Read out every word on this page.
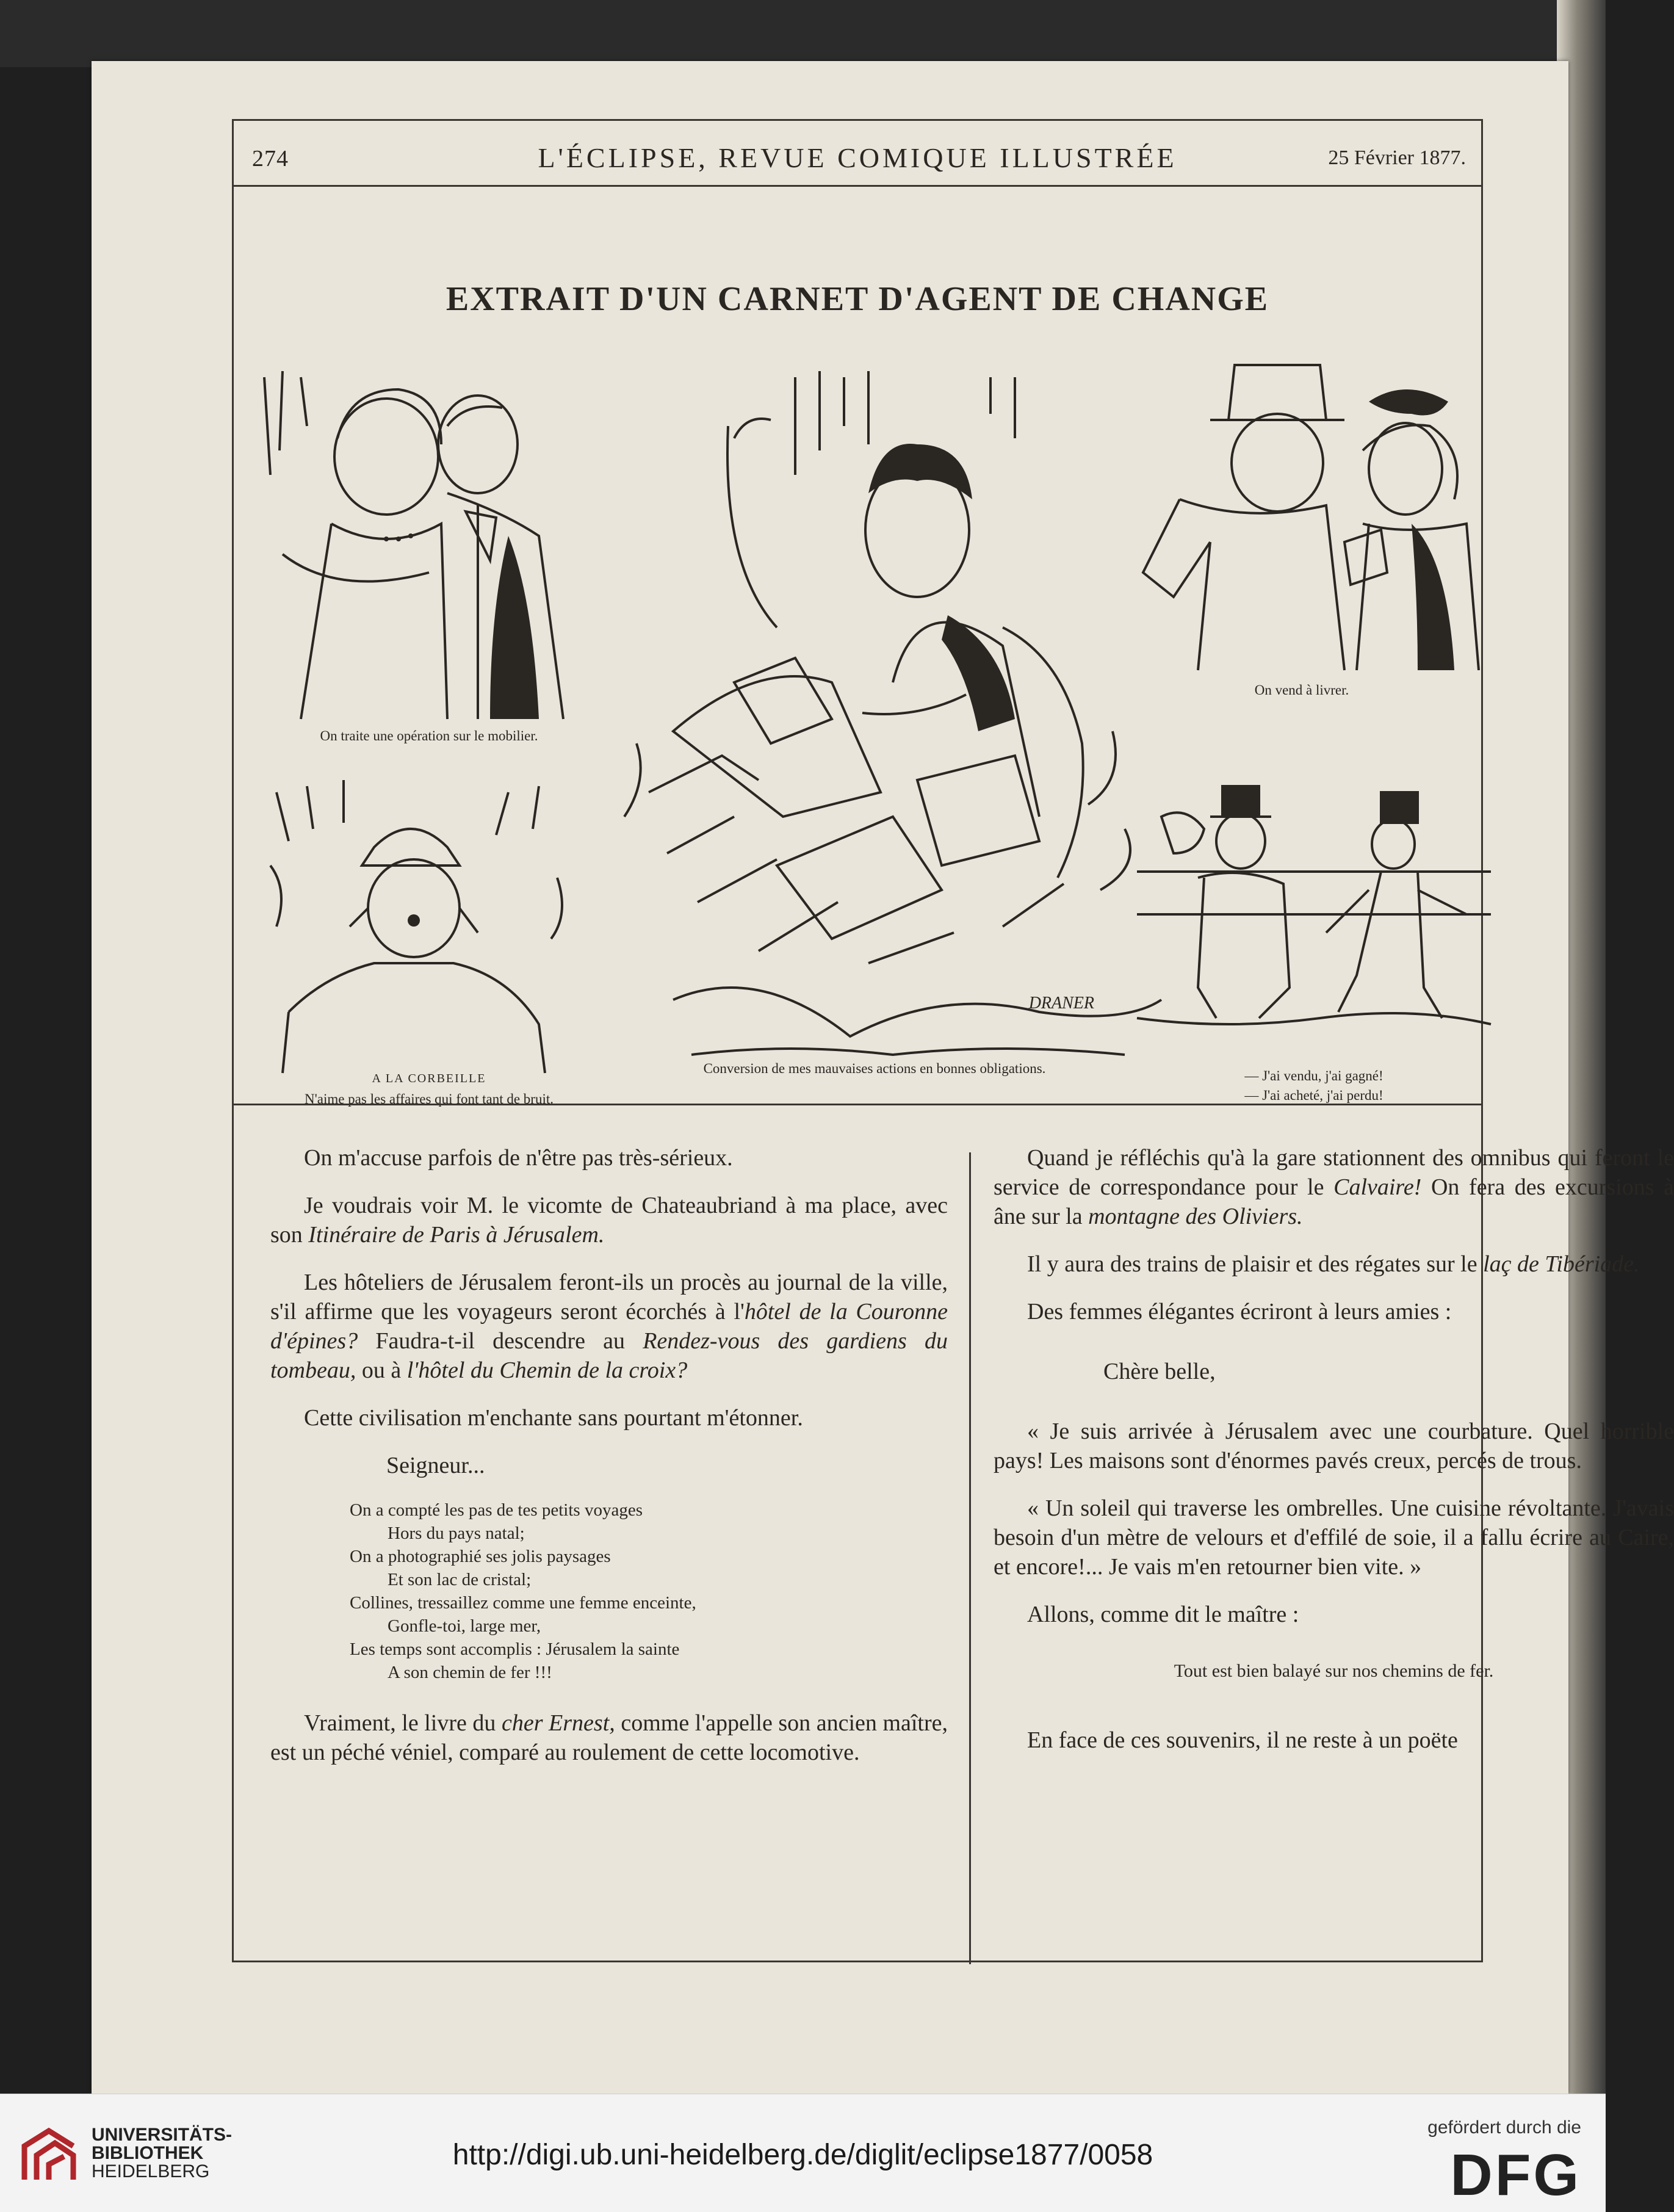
274	L'ÉCLIPSE, REVUE COMIQUE ILLUSTRÉE	25 Février 1877.
EXTRAIT D'UN CARNET D'AGENT DE CHANGE
On traite une opération sur le mobilier.
DRANER
Conversion de mes mauvaises actions en bonnes obligations.
On vend à livrer.
A LA CORBEILLE
N'aime pas les affaires qui font tant de bruit.
— J'ai vendu, j'ai gagné!
— J'ai acheté, j'ai perdu!

On m'accuse parfois de n'être pas très-sérieux.

Je voudrais voir M. le vicomte de Chateaubriand à ma place, avec son Itinéraire de Paris à Jérusalem.

Les hôteliers de Jérusalem feront-ils un procès au journal de la ville, s'il affirme que les voyageurs seront écorchés à l'hôtel de la Couronne d'épines? Faudra-t-il descendre au Rendez-vous des gardiens du tombeau, ou à l'hôtel du Chemin de la croix?

Cette civilisation m'enchante sans pourtant m'étonner.

Seigneur...

On a compté les pas de tes petits voyages
Hors du pays natal;
On a photographié ses jolis paysages
Et son lac de cristal;
Collines, tressaillez comme une femme enceinte,
Gonfle-toi, large mer,
Les temps sont accomplis : Jérusalem la sainte
A son chemin de fer !!!

Vraiment, le livre du cher Ernest, comme l'appelle son ancien maître, est un péché véniel, comparé au roulement de cette locomotive.

Quand je réfléchis qu'à la gare stationnent des omnibus qui feront le service de correspondance pour le Calvaire! On fera des excursions à âne sur la montagne des Oliviers.

Il y aura des trains de plaisir et des régates sur le laç de Tibériade.

Des femmes élégantes écriront à leurs amies :

Chère belle,

« Je suis arrivée à Jérusalem avec une courbature. Quel horrible pays! Les maisons sont d'énormes pavés creux, percés de trous.

« Un soleil qui traverse les ombrelles. Une cuisine révoltante. J'avais besoin d'un mètre de velours et d'effilé de soie, il a fallu écrire au Caire, et encore!... Je vais m'en retourner bien vite. »

Allons, comme dit le maître :

Tout est bien balayé sur nos chemins de fer.

En face de ces souvenirs, il ne reste à un poëte

UNIVERSITÄTS-
BIBLIOTHEK
HEIDELBERG
http://digi.ub.uni-heidelberg.de/diglit/eclipse1877/0058
gefördert durch die
DFG
